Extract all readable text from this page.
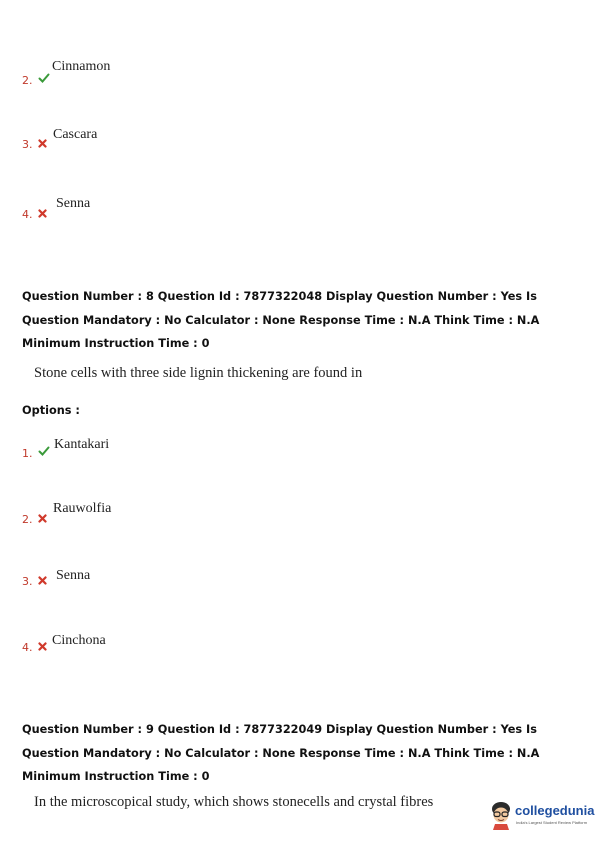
2.
Cinnamon
3.
Cascara
4.
Senna
Question Number : 8 Question Id : 7877322048 Display Question Number : Yes Is Question Mandatory : No Calculator : None Response Time : N.A Think Time : N.A Minimum Instruction Time : 0
Stone cells with three side lignin thickening are found in
Options :
1.
Kantakari
2.
Rauwolfia
3. Senna
4. Cinchona
Question Number : 9 Question Id : 7877322049 Display Question Number : Yes Is Question Mandatory : No Calculator : None Response Time : N.A Think Time : N.A Minimum Instruction Time : 0
In the microscopical study, which shows stonecells and crystal fibres
collegedunia
India's Largest Student Review Platform
